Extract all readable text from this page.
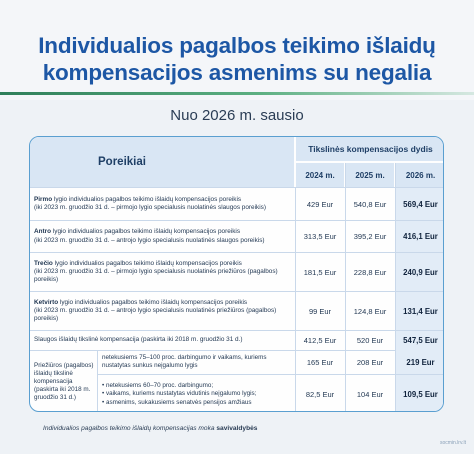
Individualios pagalbos teikimo išlaidų
kompensacijos asmenims su negalia
Nuo 2026 m. sausio
Poreikiai
Tikslinės kompensacijos dydis
2024 m.	2025 m.	2026 m.
Pirmo lygio individualios pagalbos teikimo išlaidų kompensacijos poreikis
(iki 2023 m. gruodžio 31 d. – pirmojo lygio specialusis nuolatinės slaugos poreikis)	429 Eur	540,8 Eur	569,4 Eur
Antro lygio individualios pagalbos teikimo išlaidų kompensacijos poreikis
(iki 2023 m. gruodžio 31 d. – antrojo lygio specialusis nuolatinės slaugos poreikis)	313,5 Eur	395,2 Eur	416,1 Eur
Trečio lygio individualios pagalbos teikimo išlaidų kompensacijos poreikis
(iki 2023 m. gruodžio 31 d. – pirmojo lygio specialusis nuolatinės priežiūros (pagalbos) poreikis)
181,5 Eur	228,8 Eur	240,9 Eur
Ketvirto lygio individualios pagalbos teikimo išlaidų kompensacijos poreikis
(iki 2023 m. gruodžio 31 d. – antrojo lygio specialusis nuolatinės priežiūros (pagalbos) poreikis)
99 Eur	124,8 Eur	131,4 Eur
Slaugos išlaidų tikslinė kompensacija (paskirta iki 2018 m. gruodžio 31 d.)	412,5 Eur	520 Eur	547,5 Eur
Priežiūros (pagalbos) išlaidų tikslinė kompensacija (paskirta iki 2018 m. gruodžio 31 d.)
netekusiems 75–100 proc. darbingumo ir vaikams, kuriems nustatytas sunkus neįgalumo lygis	165 Eur	208 Eur	219 Eur
• netekusiems 60–70 proc. darbingumo;
• vaikams, kuriems nustatytas vidutinis neįgalumo lygis;
• asmenims, sukakusiems senatvės pensijos amžiaus
82,5 Eur	104 Eur	109,5 Eur
Individualios pagalbos teikimo išlaidų kompensacijas moka savivaldybės
socmin.lrv.lt
